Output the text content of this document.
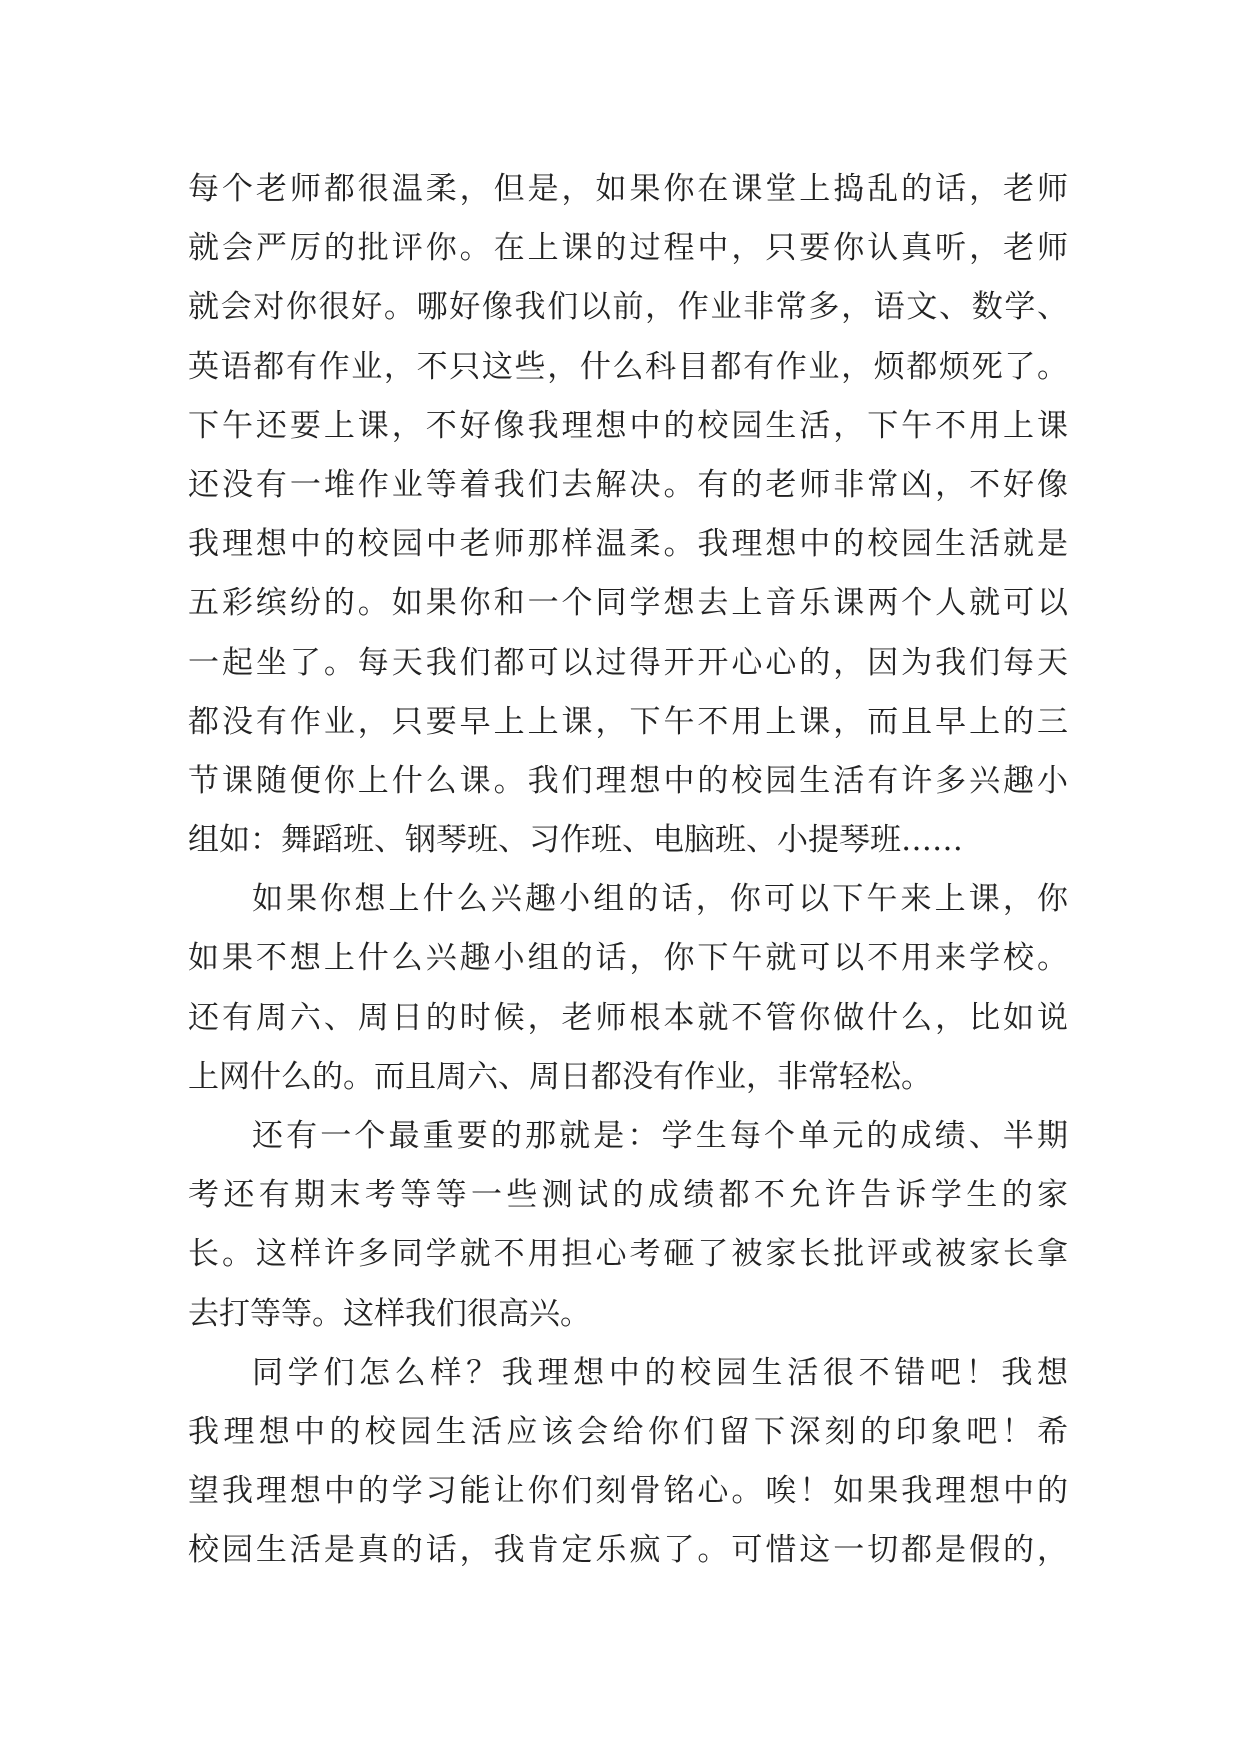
每个老师都很温柔，但是，如果你在课堂上捣乱的话，老师
就会严厉的批评你。在上课的过程中，只要你认真听，老师
就会对你很好。哪好像我们以前，作业非常多，语文、数学、
英语都有作业，不只这些，什么科目都有作业，烦都烦死了。
下午还要上课，不好像我理想中的校园生活，下午不用上课
还没有一堆作业等着我们去解决。有的老师非常凶，不好像
我理想中的校园中老师那样温柔。我理想中的校园生活就是
五彩缤纷的。如果你和一个同学想去上音乐课两个人就可以
一起坐了。每天我们都可以过得开开心心的，因为我们每天
都没有作业，只要早上上课，下午不用上课，而且早上的三
节课随便你上什么课。我们理想中的校园生活有许多兴趣小
组如：舞蹈班、钢琴班、习作班、电脑班、小提琴班……
如果你想上什么兴趣小组的话，你可以下午来上课，你
如果不想上什么兴趣小组的话，你下午就可以不用来学校。
还有周六、周日的时候，老师根本就不管你做什么，比如说
上网什么的。而且周六、周日都没有作业，非常轻松。
还有一个最重要的那就是：学生每个单元的成绩、半期
考还有期末考等等一些测试的成绩都不允许告诉学生的家
长。这样许多同学就不用担心考砸了被家长批评或被家长拿
去打等等。这样我们很高兴。
同学们怎么样？我理想中的校园生活很不错吧！我想
我理想中的校园生活应该会给你们留下深刻的印象吧！希
望我理想中的学习能让你们刻骨铭心。唉！如果我理想中的
校园生活是真的话，我肯定乐疯了。可惜这一切都是假的，
